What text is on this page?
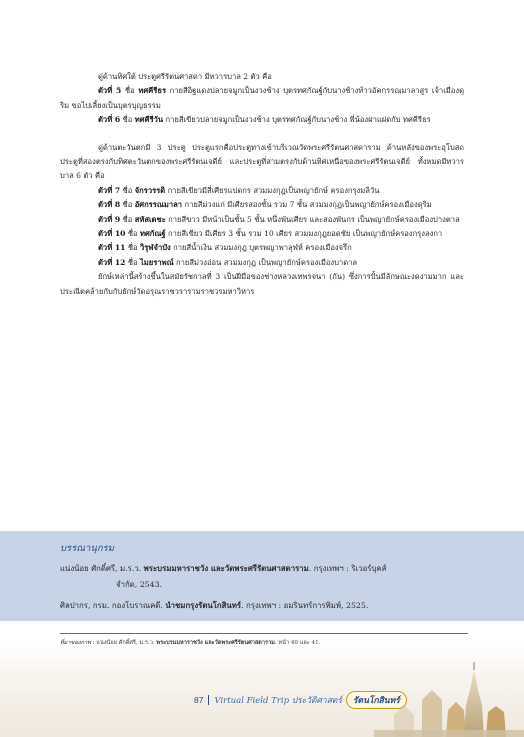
ดู่ด้านทิศใต้ ประตูศรีรัตนศาสดา มีทวารบาล 2 ตัว คือ

ตัวที่ 5 ชื่อ ทศคีรีธร กายสีอิฐแดงปลายจมูกเป็นงวงช้าง บุตรทศกัณฐ์กับนางช้างท้าวอัคกรรณมาลาสูร เจ้าเมืองดุริม ขอไปเลี้ยงเป็นบุตรบุญธรรม

ตัวที่ 6 ชื่อ ทศคีรีวัน กายสีเขียวปลายจมูกเป็นงวงช้าง บุตรทศกัณฐ์กับนางช้าง พี่น้องฝาแฝดกับ ทศคีรีธร

ดู่ด้านตะวันตกมี 3 ประตู ประตูแรกคือประตูทางเข้าบริเวณวัดพระศรีรัตนศาสดาราม ด้านหลังของพระอุโบสถ ประตูที่สองตรงกับทิศตะวันตกของพระศรีรัตนเจดีย์ และประตูที่สามตรงกับด้านทิศเหนือของพระศรีรัตนเจดีย์ ทั้งหมดมีทวารบาล 6 ตัว คือ

ตัวที่ 7 ชื่อ จักรวรรดิ กายสีเขียวมีสี่เศียรแปดกร สวมมงกุฎเป็นพญายักษ์ ครองกรุงมลิวัน

ตัวที่ 8 ชื่อ อัศกรรณมาลา กายสีม่วงแก่ มีเศียรสองชั้น รวม 7 ชั้น สวมมงกุฎเป็นพญายักษ์ครองเมืองดุริม

ตัวที่ 9 ชื่อ สหัสเดชะ กายสีขาว มีหน้าเป็นชั้น 5 ชั้น หนึ่งพันเศียร และสองพันกร เป็นพญายักษ์ครองเมืองปางตาล

ตัวที่ 10 ชื่อ ทศกัณฐ์ กายสีเขียว มีเศียร 3 ชั้น รวม 10 เศียร สวมมงกุฎยอดชัย เป็นพญายักษ์ครองกรุงลงกา

ตัวที่ 11 ชื่อ วิรุฬจำบัง กายสีน้ำเงิน สวมมงกุฎ บุตรพญาพาลุฬห์ ครองเมืองจรึก

ตัวที่ 12 ชื่อ ไมยราพณ์ กายสีม่วงอ่อน สวมมงกุฎ เป็นพญายักษ์ครองเมืองบาดาล

ยักษ์เหล่านี้สร้างขึ้นในสมัยรัชกาลที่ 3 เป็นฝีมือของช่างหลวงเทพรจนา (กัน) ซึ่งการปั้นมีลักษณะงดงามมาก และประณีตคล้ายกับกับยักษ์วัดอรุณราชวรารามราชวรมหาวิหาร

บรรณานุกรม
แน่งน้อย ศักดิ์ศรี, ม.ร.ว. พระบรมมหาราชวัง และวัดพระศรีรัตนศาสดาราม. กรุงเทพฯ : ริเวอร์บุคส์
จำกัด, 2543.
ศิลปากร, กรม. กองโบราณคดี. นำชมกรุงรัตนโกสินทร์. กรุงเทพฯ : อมรินทร์การพิมพ์, 2525.
ที่มาของภาพ : แน่งน้อย ศักดิ์ศรี, ม.ร.ว. พระบรมมหาราชวัง และวัดพระศรีรัตนศาสดาราม. หน้า 40 และ 41.
87 Virtual Field Trip ประวัติศาสตร์	รัตนโกสินทร์
